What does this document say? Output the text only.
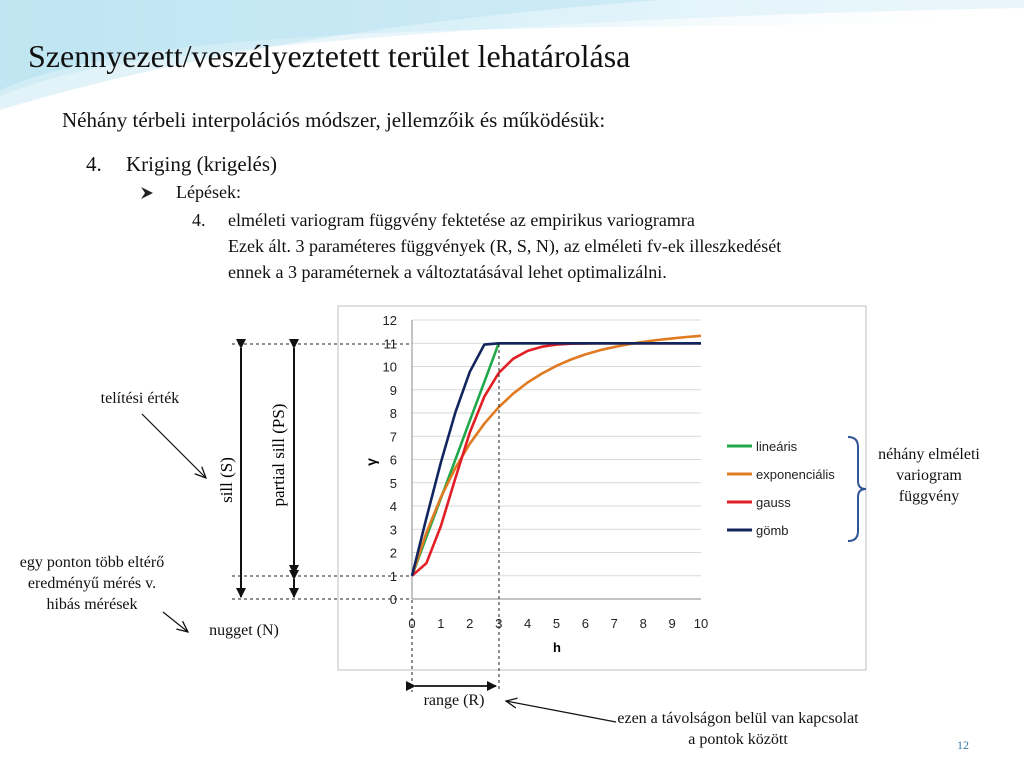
Szennyezett/veszélyeztetett terület lehatárolása
Néhány térbeli interpolációs módszer, jellemzőik és működésük:
4. Kriging (krigelés)
Lépések:
4. elméleti variogram függvény fektetése az empirikus variogramra
Ezek ált. 3 paraméteres függvények (R, S, N), az elméleti fv-ek illeszkedését
ennek a 3 paraméternek a változtatásával lehet optimalizálni.
0
1
2
3
4
5
6
7
8
9
10
11
12
0 1 2 3 4 5 6 7 8 9 10
γ
h
lineáris
exponenciális
gauss
gömb
sill (S) partial sill (PS)
telítési érték
egy ponton több eltérő eredményű mérés v. hibás mérések
nugget (N)
range (R)
ezen a távolságon belül van kapcsolat a pontok között
néhány elméleti variogram függvény
12
